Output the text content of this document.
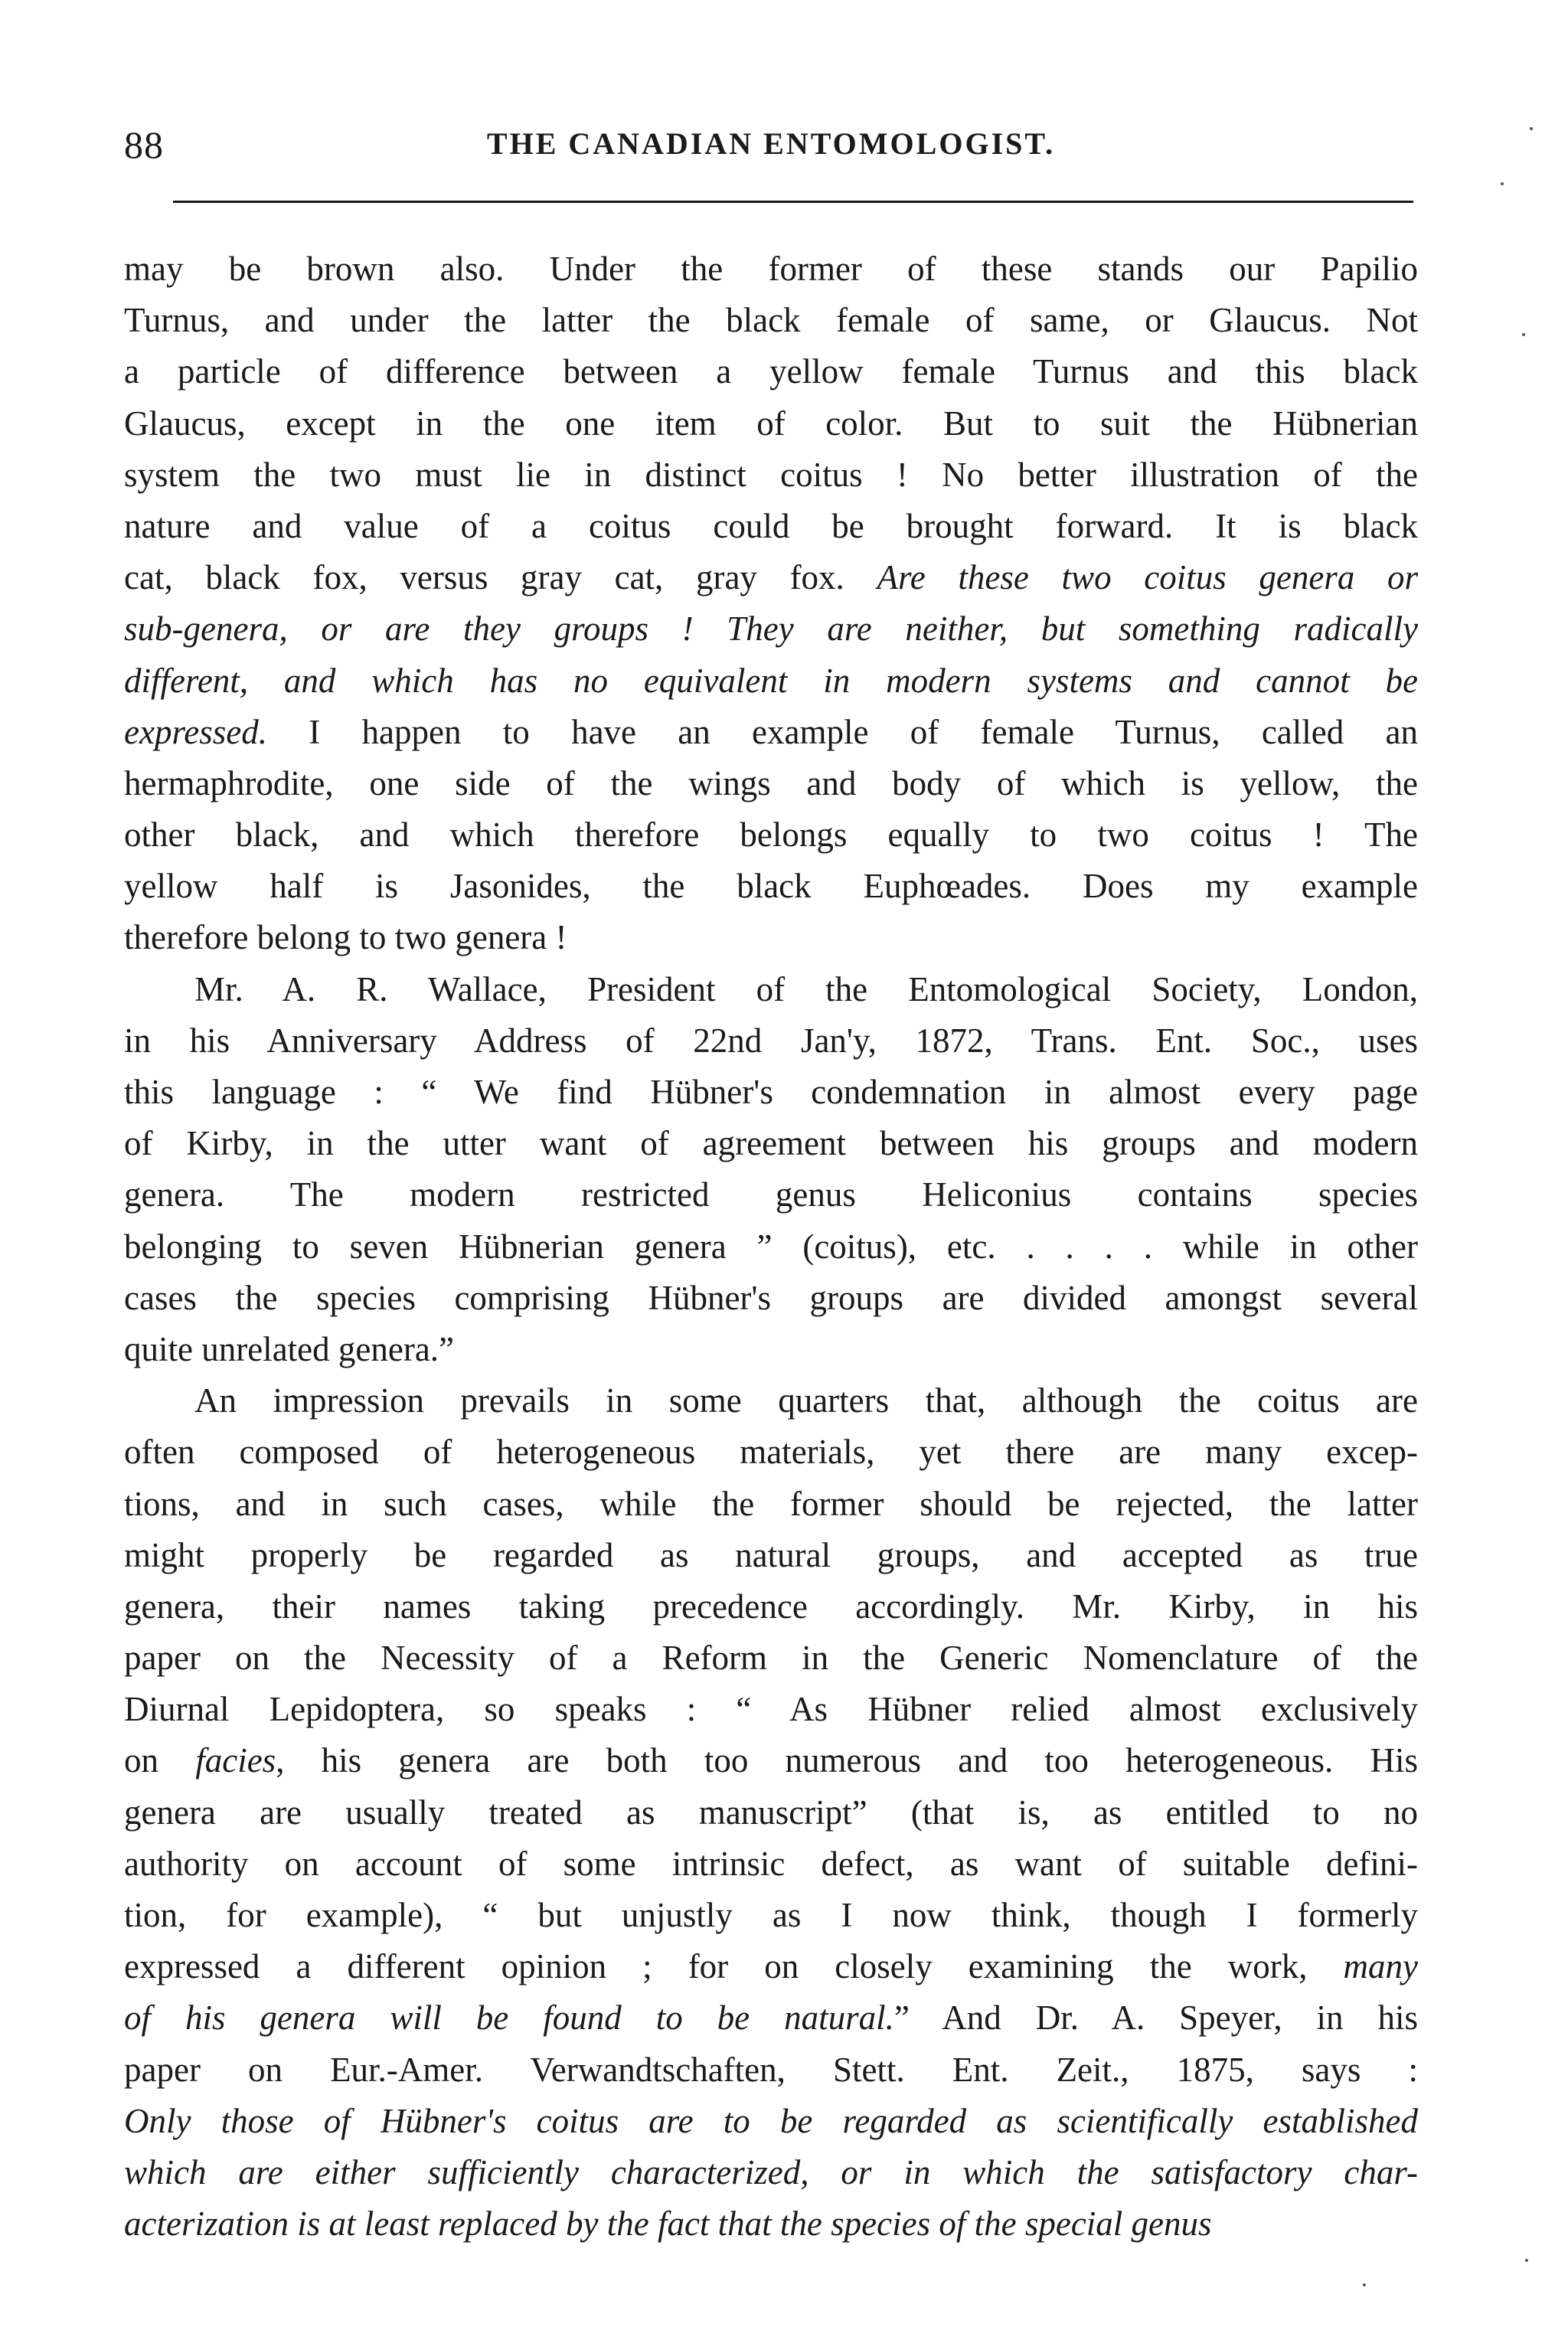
88	THE CANADIAN ENTOMOLOGIST.
may be brown also. Under the former of these stands our Papilio
Turnus, and under the latter the black female of same, or Glaucus. Not
a particle of difference between a yellow female Turnus and this black
Glaucus, except in the one item of color. But to suit the Hübnerian
system the two must lie in distinct coitus ! No better illustration of the
nature and value of a coitus could be brought forward. It is black
cat, black fox, versus gray cat, gray fox. Are these two coitus genera or
sub-genera, or are they groups ! They are neither, but something radically
different, and which has no equivalent in modern systems and cannot be
expressed. I happen to have an example of female Turnus, called an
hermaphrodite, one side of the wings and body of which is yellow, the
other black, and which therefore belongs equally to two coitus ! The
yellow half is Jasonides, the black Euphœades. Does my example
therefore belong to two genera !
Mr. A. R. Wallace, President of the Entomological Society, London,
in his Anniversary Address of 22nd Jan'y, 1872, Trans. Ent. Soc., uses
this language : “ We find Hübner's condemnation in almost every page
of Kirby, in the utter want of agreement between his groups and modern
genera. The modern restricted genus Heliconius contains species
belonging to seven Hübnerian genera ” (coitus), etc. . . . . while in other
cases the species comprising Hübner's groups are divided amongst several
quite unrelated genera.”
An impression prevails in some quarters that, although the coitus are
often composed of heterogeneous materials, yet there are many excep-
tions, and in such cases, while the former should be rejected, the latter
might properly be regarded as natural groups, and accepted as true
genera, their names taking precedence accordingly. Mr. Kirby, in his
paper on the Necessity of a Reform in the Generic Nomenclature of the
Diurnal Lepidoptera, so speaks : “ As Hübner relied almost exclusively
on facies, his genera are both too numerous and too heterogeneous. His
genera are usually treated as manuscript” (that is, as entitled to no
authority on account of some intrinsic defect, as want of suitable defini-
tion, for example), “ but unjustly as I now think, though I formerly
expressed a different opinion ; for on closely examining the work, many
of his genera will be found to be natural.” And Dr. A. Speyer, in his
paper on Eur.-Amer. Verwandtschaften, Stett. Ent. Zeit., 1875, says :
Only those of Hübner's coitus are to be regarded as scientifically established
which are either sufficiently characterized, or in which the satisfactory char-
acterization is at least replaced by the fact that the species of the special genus
